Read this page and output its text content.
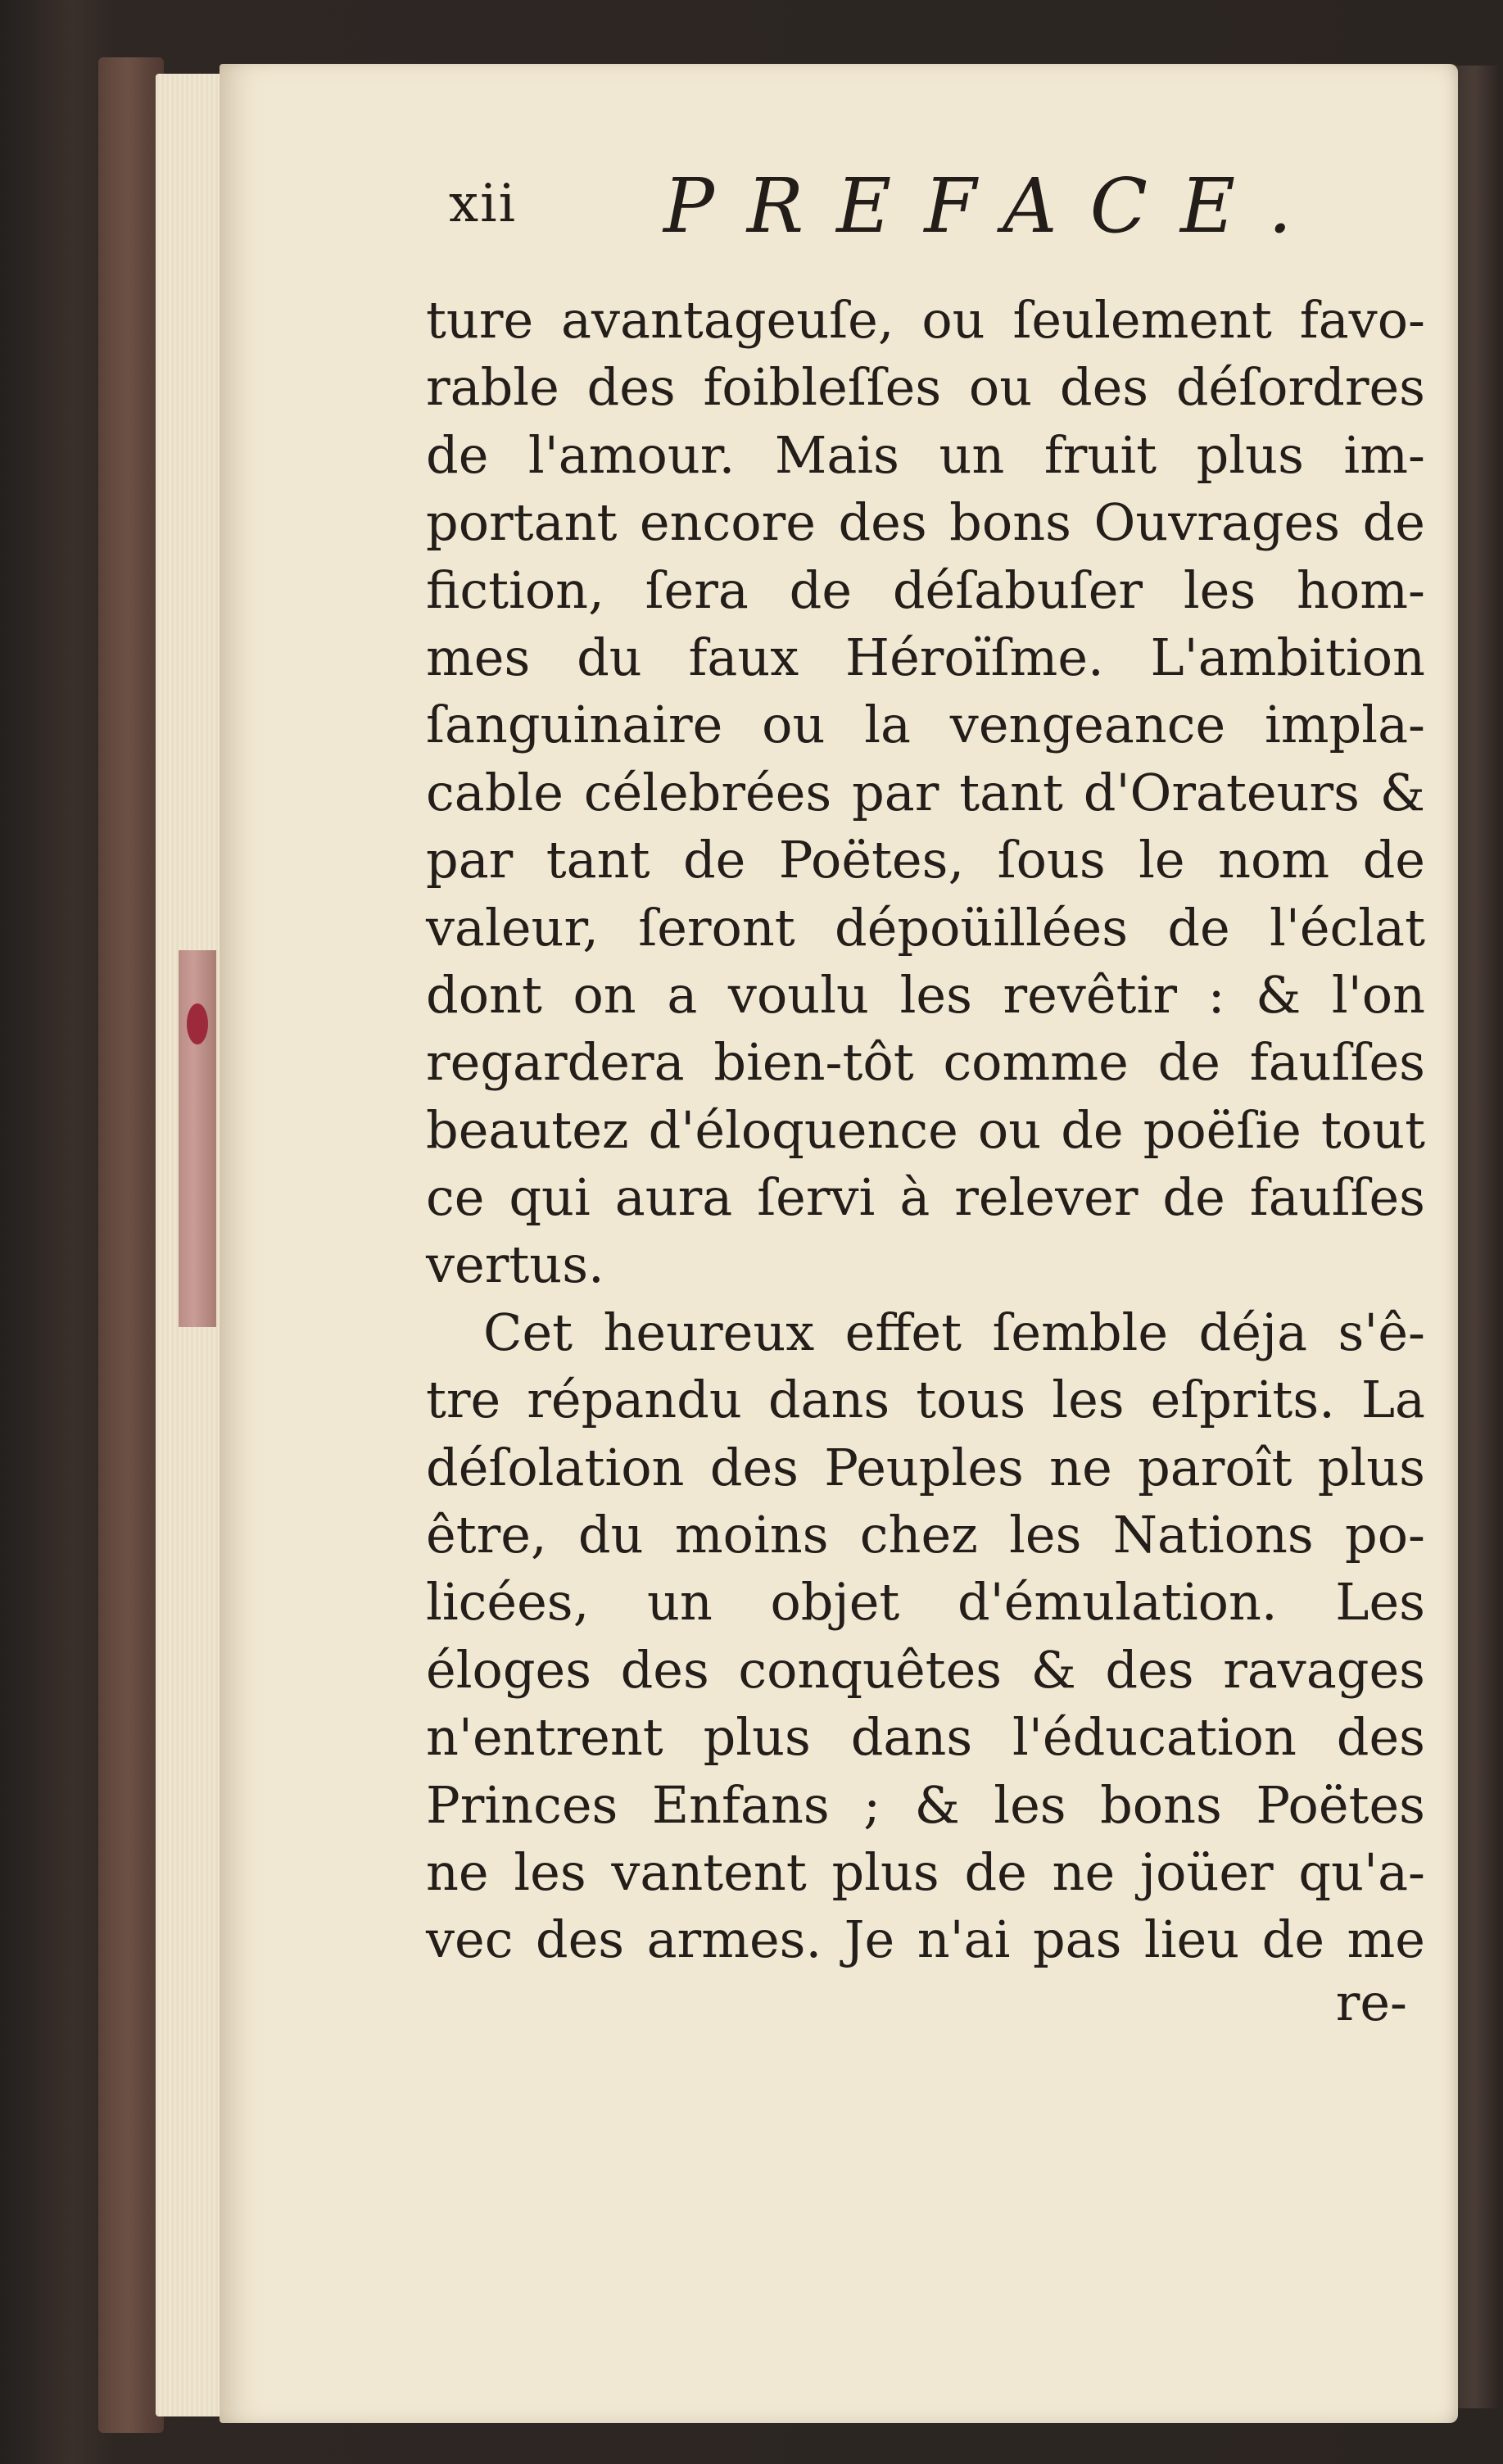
xii PREFACE.
ture avantageuſe, ou ſeulement favo-
rable des foibleſſes ou des déſordres
de l'amour. Mais un fruit plus im-
portant encore des bons Ouvrages de
fiction, ſera de déſabuſer les hom-
mes du faux Héroïſme. L'ambition
ſanguinaire ou la vengeance impla-
cable célebrées par tant d'Orateurs &
par tant de Poëtes, ſous le nom de
valeur, ſeront dépoüillées de l'éclat
dont on a voulu les revêtir : & l'on
regardera bien-tôt comme de fauſſes
beautez d'éloquence ou de poëſie tout
ce qui aura ſervi à relever de fauſſes
vertus.
Cet heureux effet ſemble déja s'ê-
tre répandu dans tous les eſprits. La
déſolation des Peuples ne paroît plus
être, du moins chez les Nations po-
licées, un objet d'émulation. Les
éloges des conquêtes & des ravages
n'entrent plus dans l'éducation des
Princes Enfans ; & les bons Poëtes
ne les vantent plus de ne joüer qu'a-
vec des armes. Je n'ai pas lieu de me
re-
